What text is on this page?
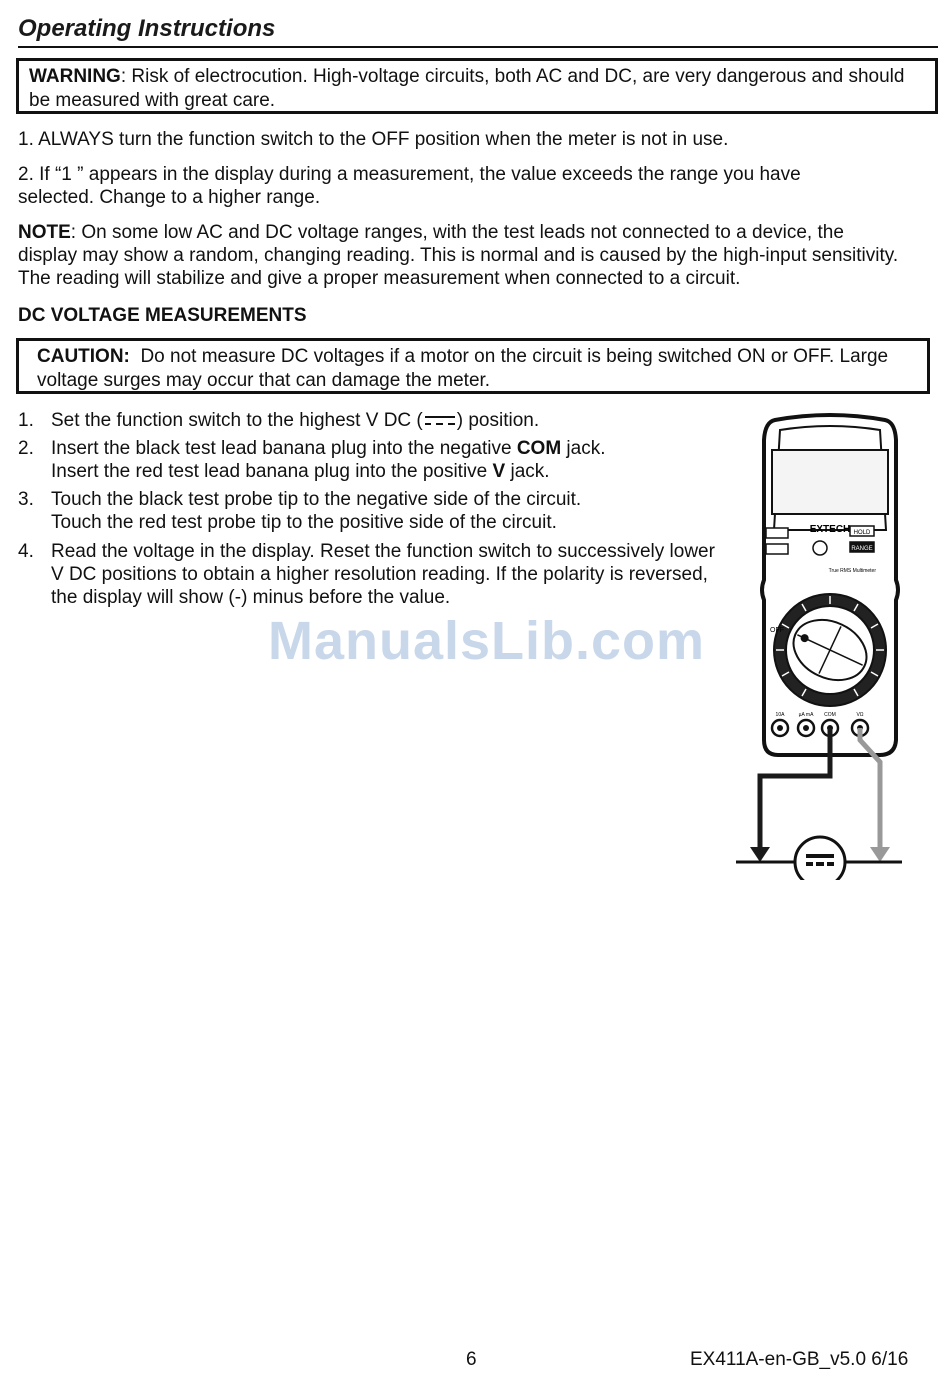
Operating Instructions
WARNING: Risk of electrocution. High-voltage circuits, both AC and DC, are very dangerous and should be measured with great care.
1. ALWAYS turn the function switch to the OFF position when the meter is not in use.
2. If “1 ” appears in the display during a measurement, the value exceeds the range you have selected. Change to a higher range.
NOTE: On some low AC and DC voltage ranges, with the test leads not connected to a device, the display may show a random, changing reading. This is normal and is caused by the high-input sensitivity. The reading will stabilize and give a proper measurement when connected to a circuit.
DC VOLTAGE MEASUREMENTS
CAUTION: Do not measure DC voltages if a motor on the circuit is being switched ON or OFF. Large voltage surges may occur that can damage the meter.
1. Set the function switch to the highest V DC ( ) position.
2. Insert the black test lead banana plug into the negative COM jack.
Insert the red test lead banana plug into the positive V jack.
3. Touch the black test probe tip to the negative side of the circuit.
Touch the red test probe tip to the positive side of the circuit.
4. Read the voltage in the display. Reset the function switch to successively lower V DC positions to obtain a higher resolution reading. If the polarity is reversed, the display will show (-) minus before the value.
EXTECH HOLD
RANGE
True RMS Multimeter
OFF
10A	µA mA COM	VΩ
ManualsLib.com
6	EX411A-en-GB_v5.0 6/16
